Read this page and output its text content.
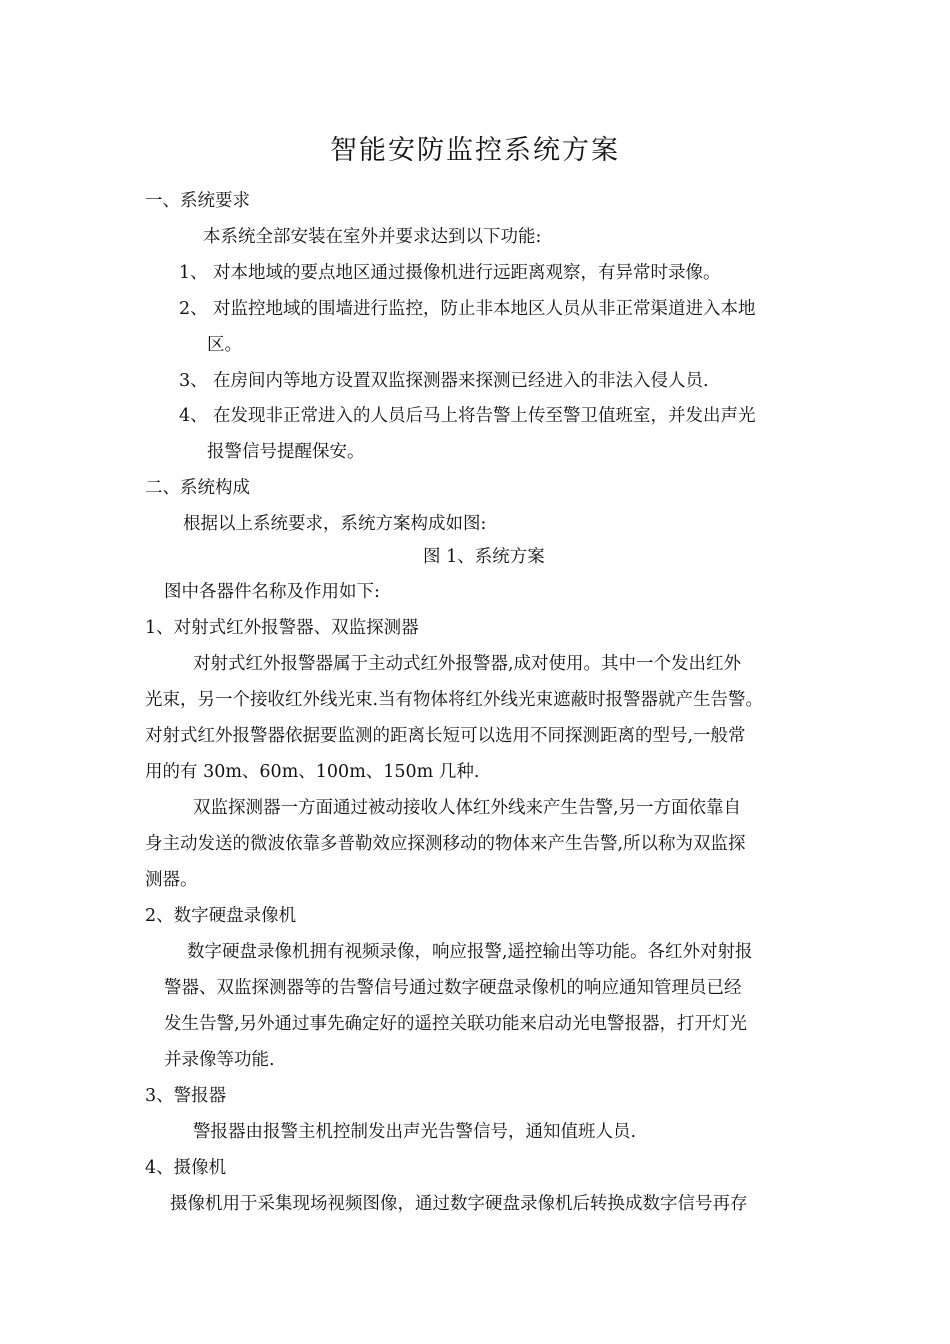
智能安防监控系统方案
一、系统要求
本系统全部安装在室外并要求达到以下功能:
1、 对本地域的要点地区通过摄像机进行远距离观察，有异常时录像。
2、 对监控地域的围墙进行监控，防止非本地区人员从非正常渠道进入本地
区。
3、 在房间内等地方设置双监探测器来探测已经进入的非法入侵人员.
4、 在发现非正常进入的人员后马上将告警上传至警卫值班室，并发出声光
报警信号提醒保安。
二、系统构成
根据以上系统要求，系统方案构成如图:
图 1、系统方案
图中各器件名称及作用如下:
1、对射式红外报警器、双监探测器
对射式红外报警器属于主动式红外报警器,成对使用。其中一个发出红外
光束，另一个接收红外线光束.当有物体将红外线光束遮蔽时报警器就产生告警。
对射式红外报警器依据要监测的距离长短可以选用不同探测距离的型号,一般常
用的有 30m、60m、100m、150m 几种.
双监探测器一方面通过被动接收人体红外线来产生告警,另一方面依靠自
身主动发送的微波依靠多普勒效应探测移动的物体来产生告警,所以称为双监探
测器。
2、数字硬盘录像机
数字硬盘录像机拥有视频录像，响应报警,遥控输出等功能。各红外对射报
警器、双监探测器等的告警信号通过数字硬盘录像机的响应通知管理员已经
发生告警,另外通过事先确定好的遥控关联功能来启动光电警报器，打开灯光
并录像等功能.
3、警报器
警报器由报警主机控制发出声光告警信号，通知值班人员.
4、摄像机
摄像机用于采集现场视频图像，通过数字硬盘录像机后转换成数字信号再存
